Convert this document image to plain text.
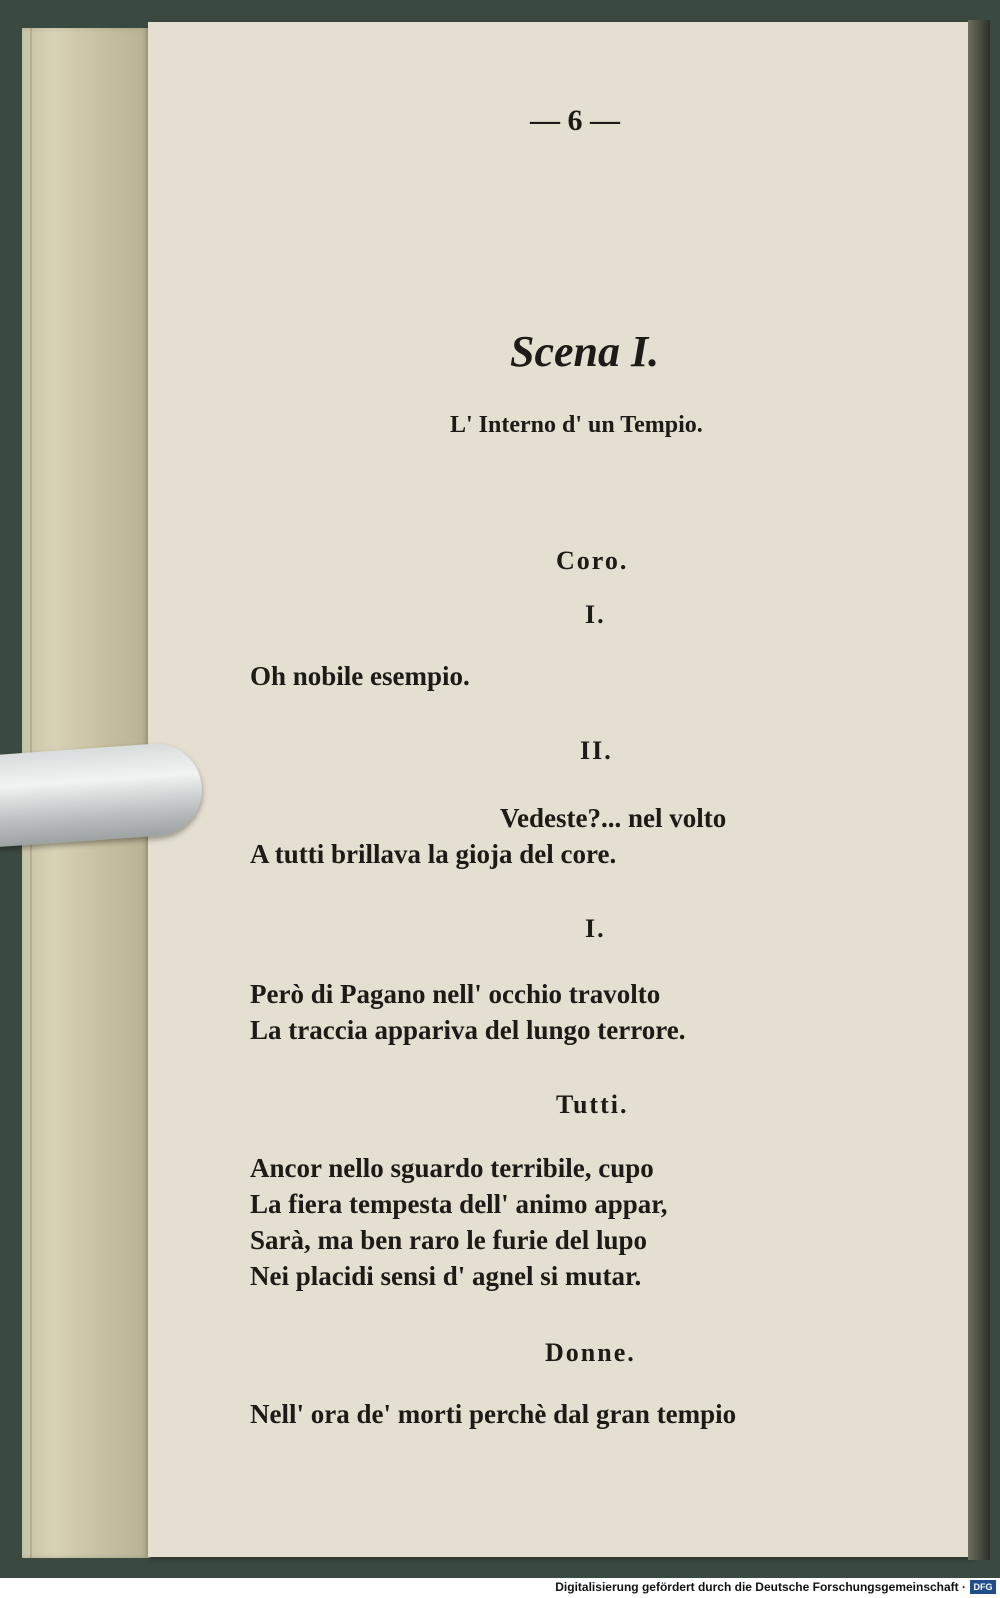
— 6 —
Scena I.
L' Interno d' un Tempio.
Coro.
I.
Oh nobile esempio.
II.
Vedeste?... nel volto
A tutti brillava la gioja del core.
I.
Però di Pagano nell' occhio travolto
La traccia appariva del lungo terrore.
Tutti.
Ancor nello sguardo terribile, cupo
La fiera tempesta dell' animo appar,
Sarà, ma ben raro le furie del lupo
Nei placidi sensi d' agnel si mutar.
Donne.
Nell' ora de' morti perchè dal gran tempio
Digitalisierung gefördert durch die Deutsche Forschungsgemeinschaft · DFG
